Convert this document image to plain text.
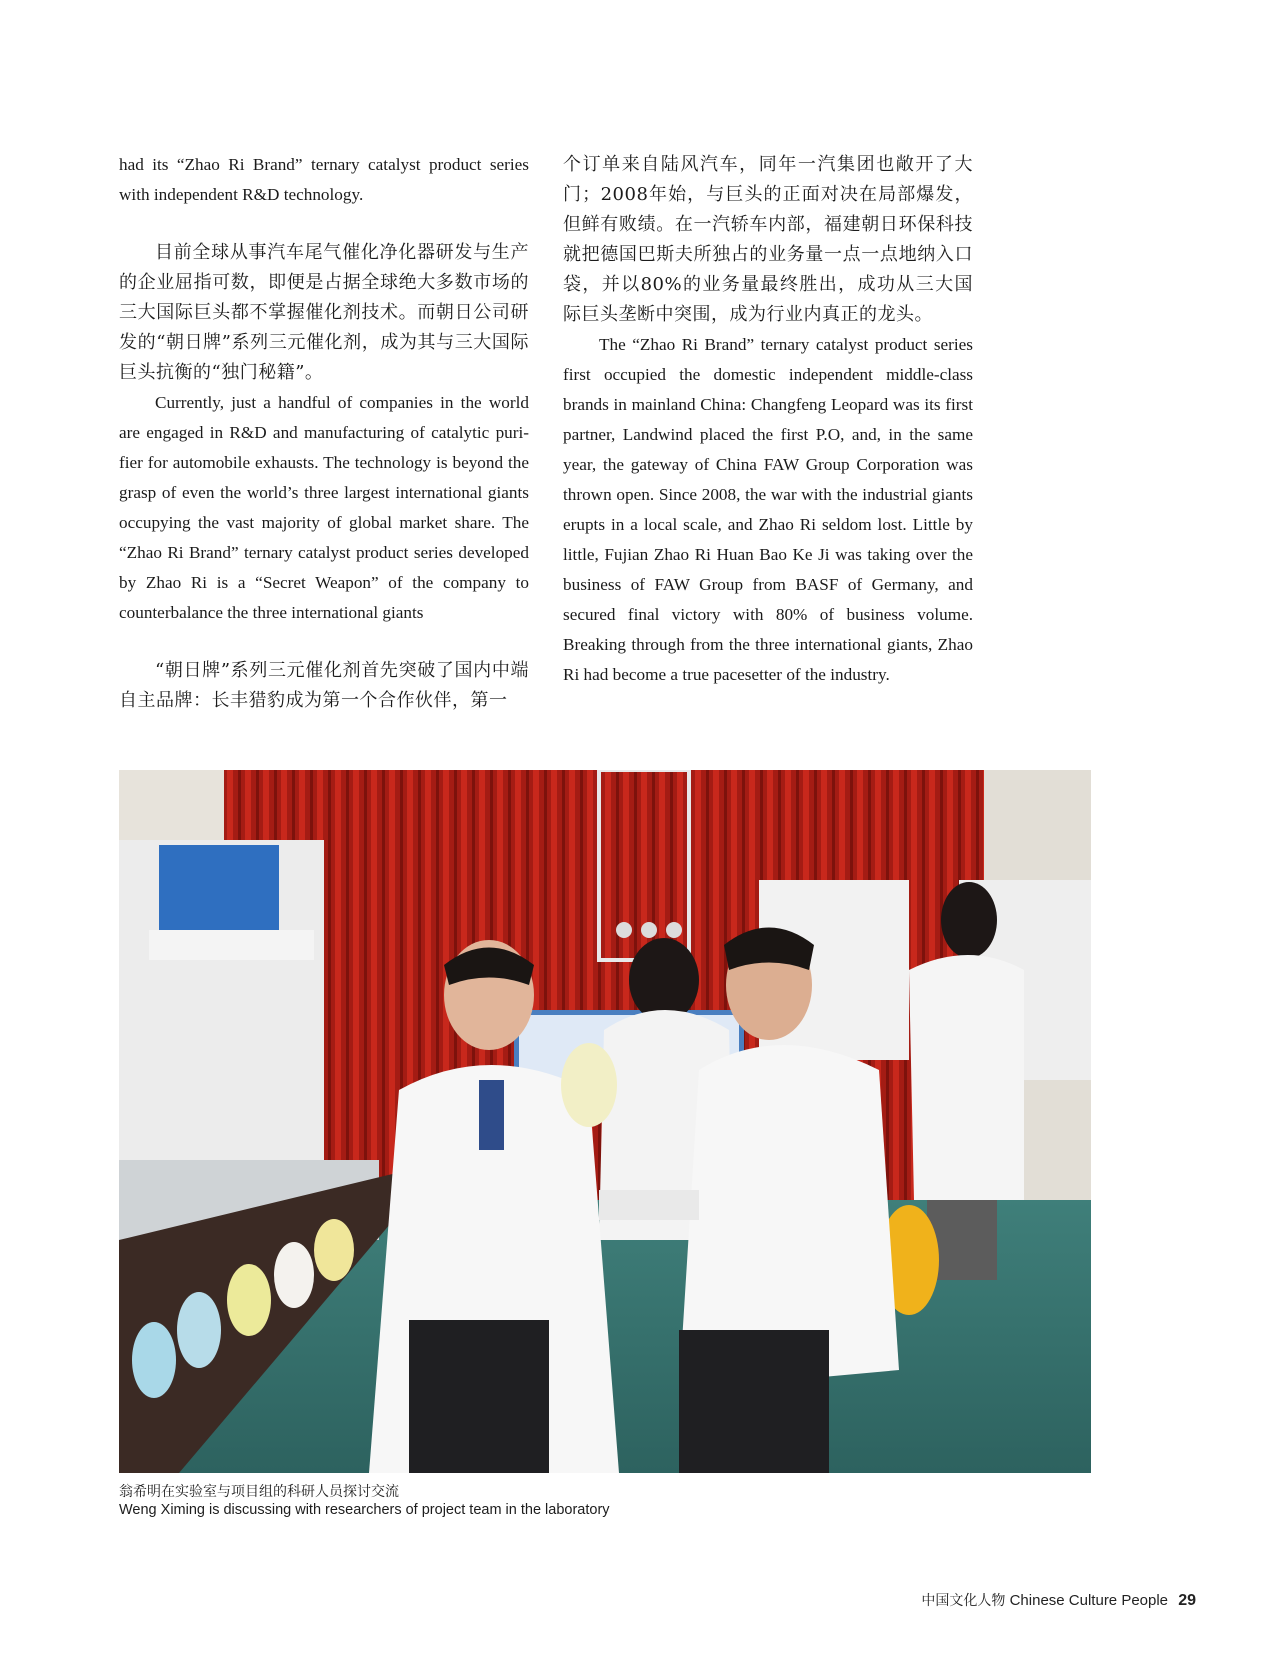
had its “Zhao Ri Brand” ternary catalyst product series with independent R&D technology.

目前全球从事汽车尾气催化净化器研发与生产的企业屈指可数，即便是占据全球绝大多数市场的三大国际巨头都不掌握催化剂技术。而朝日公司研发的“朝日牌”系列三元催化剂，成为其与三大国际巨头抗衡的“独门秘籍”。

Currently, just a handful of companies in the world are engaged in R&D and manufacturing of catalytic purifier for automobile exhausts. The technology is beyond the grasp of even the world’s three largest international giants occupying the vast majority of global market share. The “Zhao Ri Brand” ternary catalyst product series developed by Zhao Ri is a “Secret Weapon” of the company to counterbalance the three international giants

“朝日牌”系列三元催化剂首先突破了国内中端自主品牌：长丰猎豹成为第一个合作伙伴，第一

个订单来自陆风汽车，同年一汽集团也敞开了大门；2008年始，与巨头的正面对决在局部爆发，但鲜有败绩。在一汽轿车内部，福建朝日环保科技就把德国巴斯夫所独占的业务量一点一点地纳入口袋，并以80%的业务量最终胜出，成功从三大国际巨头垄断中突围，成为行业内真正的龙头。

The “Zhao Ri Brand” ternary catalyst product series first occupied the domestic independent middle-class brands in mainland China: Changfeng Leopard was its first partner, Landwind placed the first P.O, and, in the same year, the gateway of China FAW Group Corporation was thrown open. Since 2008, the war with the industrial giants erupts in a local scale, and Zhao Ri seldom lost. Little by little, Fujian Zhao Ri Huan Bao Ke Ji was taking over the business of FAW Group from BASF of Germany, and secured final victory with 80% of business volume. Breaking through from the three international giants, Zhao Ri had become a true pacesetter of the industry.

翁希明在实验室与项目组的科研人员探讨交流
Weng Ximing is discussing with researchers of project team in the laboratory
中国文化人物 Chinese Culture People 29
